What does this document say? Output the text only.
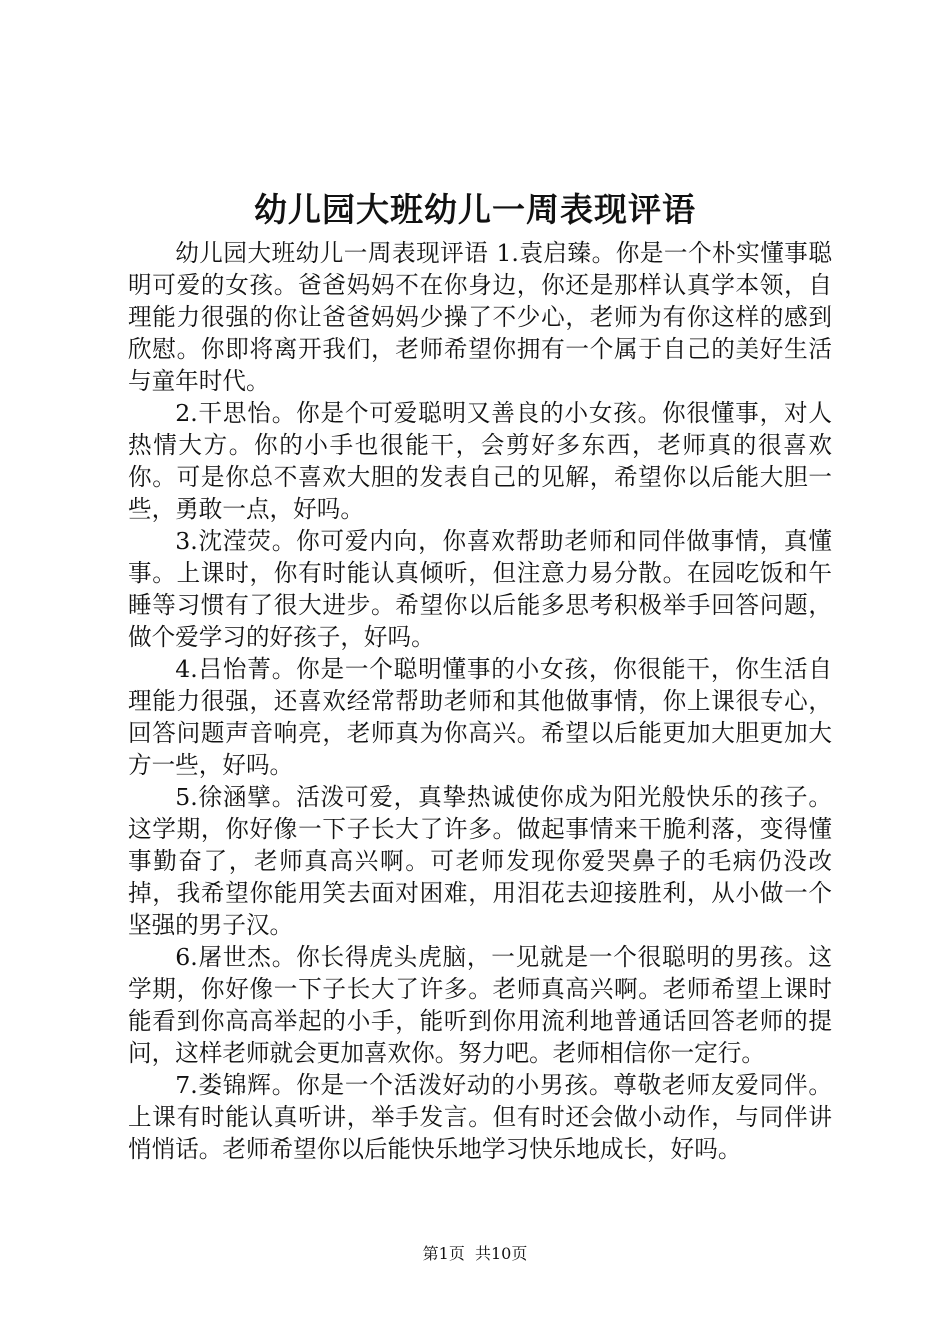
幼儿园大班幼儿一周表现评语

幼儿园大班幼儿一周表现评语 1.袁启臻。你是一个朴实懂事聪明可爱的女孩。爸爸妈妈不在你身边，你还是那样认真学本领，自理能力很强的你让爸爸妈妈少操了不少心，老师为有你这样的感到欣慰。你即将离开我们，老师希望你拥有一个属于自己的美好生活与童年时代。

2.干思怡。你是个可爱聪明又善良的小女孩。你很懂事，对人热情大方。你的小手也很能干，会剪好多东西，老师真的很喜欢你。可是你总不喜欢大胆的发表自己的见解，希望你以后能大胆一些，勇敢一点，好吗。

3.沈滢荧。你可爱内向，你喜欢帮助老师和同伴做事情，真懂事。上课时，你有时能认真倾听，但注意力易分散。在园吃饭和午睡等习惯有了很大进步。希望你以后能多思考积极举手回答问题，做个爱学习的好孩子，好吗。

4.吕怡菁。你是一个聪明懂事的小女孩，你很能干，你生活自理能力很强，还喜欢经常帮助老师和其他做事情，你上课很专心，回答问题声音响亮，老师真为你高兴。希望以后能更加大胆更加大方一些，好吗。

5.徐涵擘。活泼可爱，真挚热诚使你成为阳光般快乐的孩子。这学期，你好像一下子长大了许多。做起事情来干脆利落，变得懂事勤奋了，老师真高兴啊。可老师发现你爱哭鼻子的毛病仍没改掉，我希望你能用笑去面对困难，用泪花去迎接胜利，从小做一个坚强的男子汉。

6.屠世杰。你长得虎头虎脑，一见就是一个很聪明的男孩。这学期，你好像一下子长大了许多。老师真高兴啊。老师希望上课时能看到你高高举起的小手，能听到你用流利地普通话回答老师的提问，这样老师就会更加喜欢你。努力吧。老师相信你一定行。

7.娄锦辉。你是一个活泼好动的小男孩。尊敬老师友爱同伴。上课有时能认真听讲，举手发言。但有时还会做小动作，与同伴讲悄悄话。老师希望你以后能快乐地学习快乐地成长，好吗。

第1页  共10页
